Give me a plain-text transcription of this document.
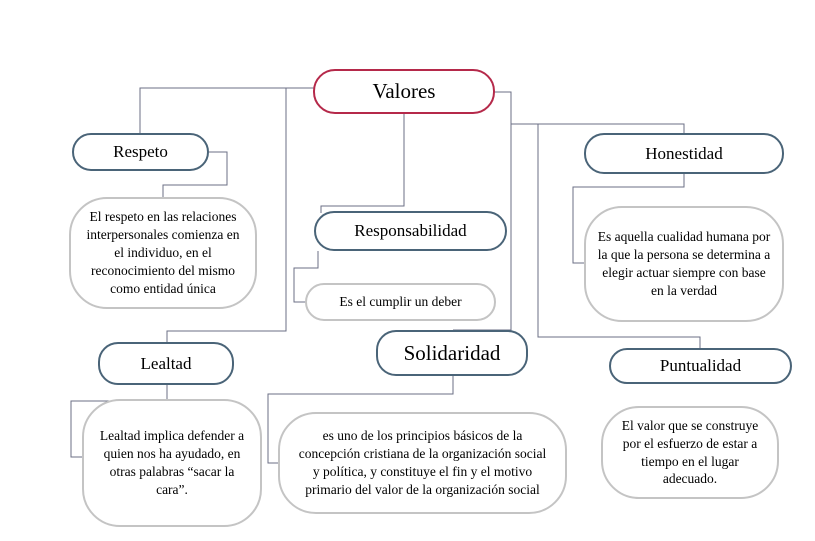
Valores
Respeto
El respeto en las relaciones interpersonales comienza en el individuo, en el reconocimiento del mismo como entidad única
Responsabilidad
Es el cumplir un deber
Honestidad
Es aquella cualidad humana por la que la persona se determina a elegir actuar siempre con base en la verdad
Lealtad
Lealtad implica defender a quien nos ha ayudado, en otras palabras “sacar la cara”.
Solidaridad
es uno de los principios básicos de la concepción cristiana de la organización social y política, y constituye el fin y el motivo primario del valor de la organización social
Puntualidad
El valor que se construye por el esfuerzo de estar a tiempo en el lugar adecuado.
